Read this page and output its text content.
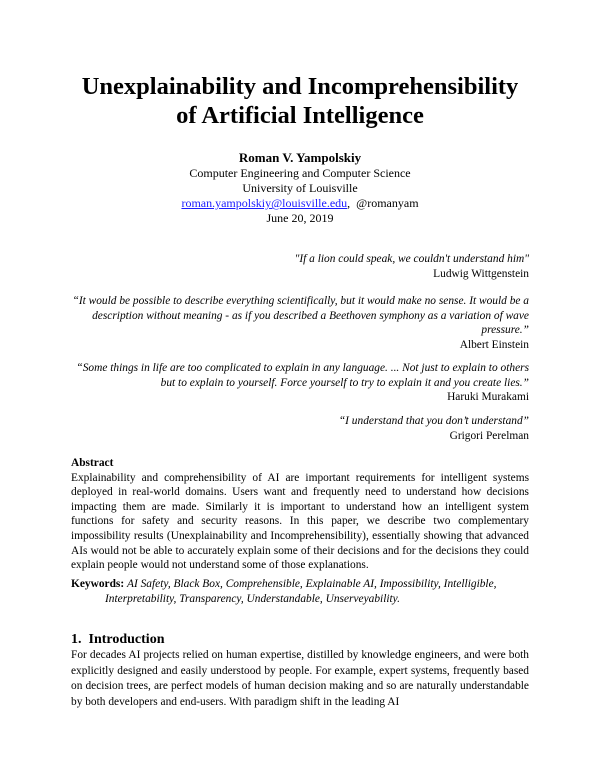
Unexplainability and Incomprehensibility
of Artificial Intelligence
Roman V. Yampolskiy
Computer Engineering and Computer Science
University of Louisville
roman.yampolskiy@louisville.edu,  @romanyam
June 20, 2019
"If a lion could speak, we couldn't understand him"
Ludwig Wittgenstein
“It would be possible to describe everything scientifically, but it would make no sense. It would be a description without meaning - as if you described a Beethoven symphony as a variation of wave pressure.”
Albert Einstein
“Some things in life are too complicated to explain in any language. ... Not just to explain to others but to explain to yourself. Force yourself to try to explain it and you create lies.”
Haruki Murakami
“I understand that you don’t understand”
Grigori Perelman
Abstract

Explainability and comprehensibility of AI are important requirements for intelligent systems deployed in real-world domains. Users want and frequently need to understand how decisions impacting them are made. Similarly it is important to understand how an intelligent system functions for safety and security reasons. In this paper, we describe two complementary impossibility results (Unexplainability and Incomprehensibility), essentially showing that advanced AIs would not be able to accurately explain some of their decisions and for the decisions they could explain people would not understand some of those explanations.

Keywords: AI Safety, Black Box, Comprehensible, Explainable AI, Impossibility, Intelligible,
Interpretability, Transparency, Understandable, Unserveyability.
1.  Introduction
For decades AI projects relied on human expertise, distilled by knowledge engineers, and were both explicitly designed and easily understood by people. For example, expert systems, frequently based on decision trees, are perfect models of human decision making and so are naturally understandable by both developers and end-users. With paradigm shift in the leading AI
